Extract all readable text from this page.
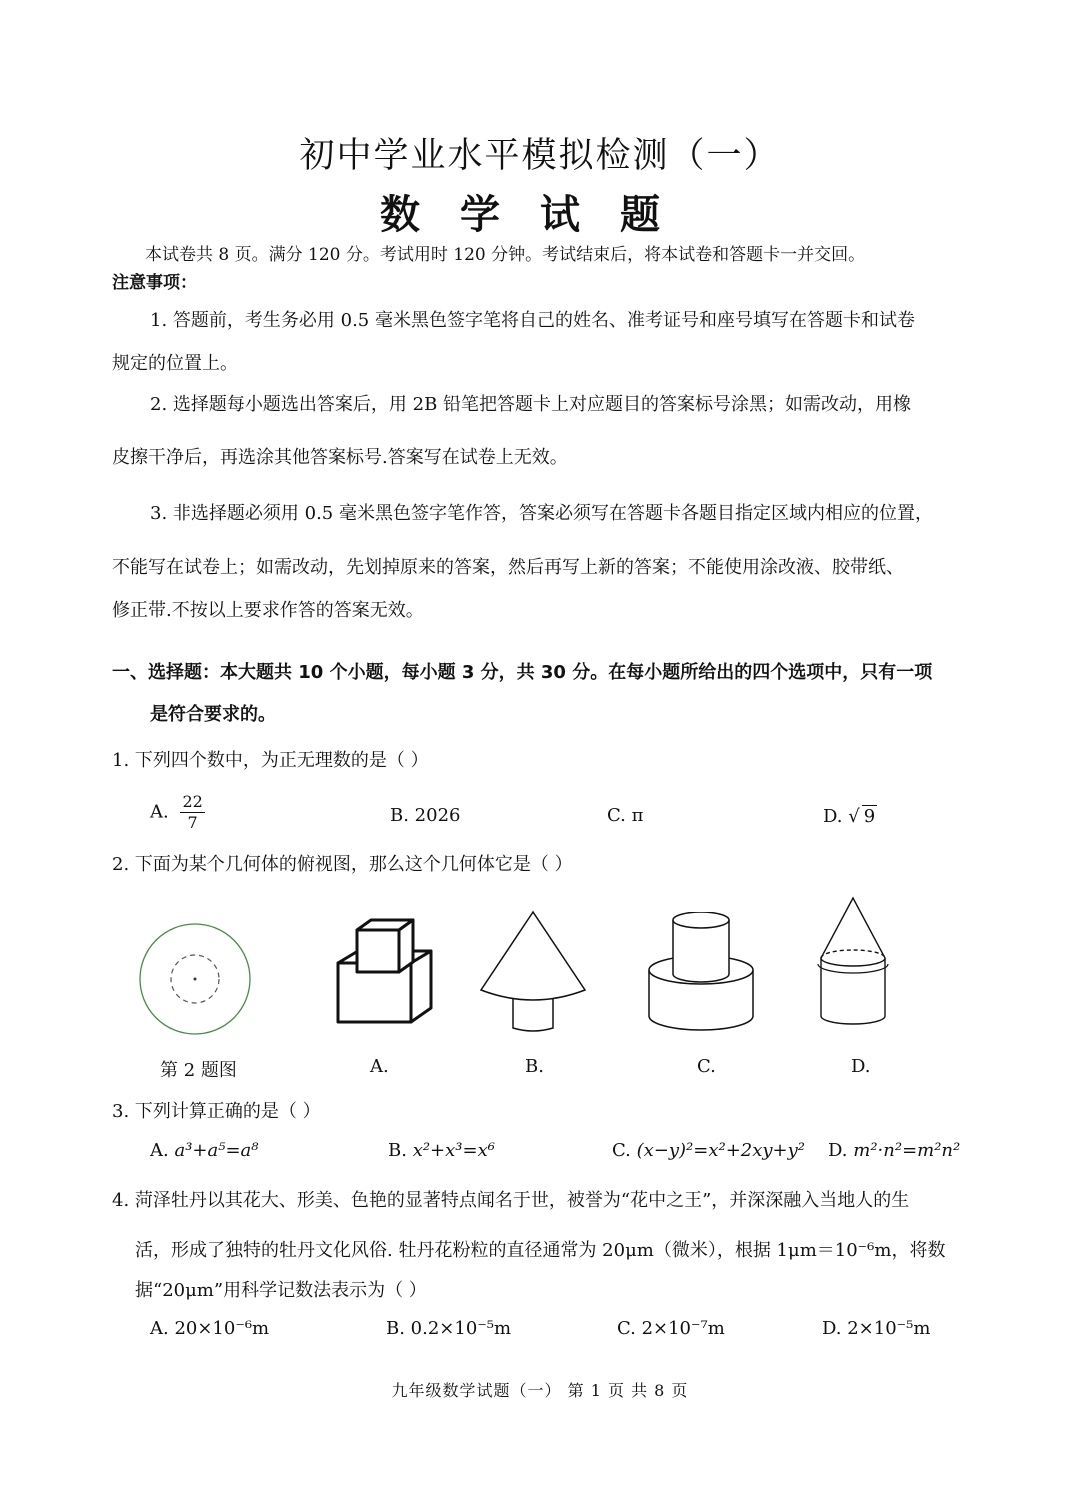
初中学业水平模拟检测（一）
数学试题
本试卷共 8 页。满分 120 分。考试用时 120 分钟。考试结束后，将本试卷和答题卡一并交回。
注意事项：
1. 答题前，考生务必用 0.5 毫米黑色签字笔将自己的姓名、准考证号和座号填写在答题卡和试卷
规定的位置上。
2. 选择题每小题选出答案后，用 2B 铅笔把答题卡上对应题目的答案标号涂黑；如需改动，用橡
皮擦干净后，再选涂其他答案标号.答案写在试卷上无效。
3. 非选择题必须用 0.5 毫米黑色签字笔作答，答案必须写在答题卡各题目指定区域内相应的位置，
不能写在试卷上；如需改动，先划掉原来的答案，然后再写上新的答案；不能使用涂改液、胶带纸、
修正带.不按以上要求作答的答案无效。
一、选择题：本大题共 10 个小题，每小题 3 分，共 30 分。在每小题所给出的四个选项中，只有一项
是符合要求的。
1. 下列四个数中，为正无理数的是（ ）
A. $\frac{22}{7}$	B. 2026	C. π	D. √ 9
2. 下面为某个几何体的俯视图，那么这个几何体它是（ ）
第 2 题图	A.	B.	C.	D.
3. 下列计算正确的是（ ）
A. a³+a⁵=a⁸	B. x²+x³=x⁶	C. (x−y)²=x²+2xy+y² D. m²·n²=m²n²
4. 菏泽牡丹以其花大、形美、色艳的显著特点闻名于世，被誉为“花中之王”，并深深融入当地人的生
活，形成了独特的牡丹文化风俗. 牡丹花粉粒的直径通常为 20μm（微米），根据 1μm＝10⁻⁶m，将数
据“20μm”用科学记数法表示为（ ）
A. 20×10⁻⁶m	B. 0.2×10⁻⁵m	C. 2×10⁻⁷m	D. 2×10⁻⁵m
九年级数学试题（一） 第 1 页 共 8 页
